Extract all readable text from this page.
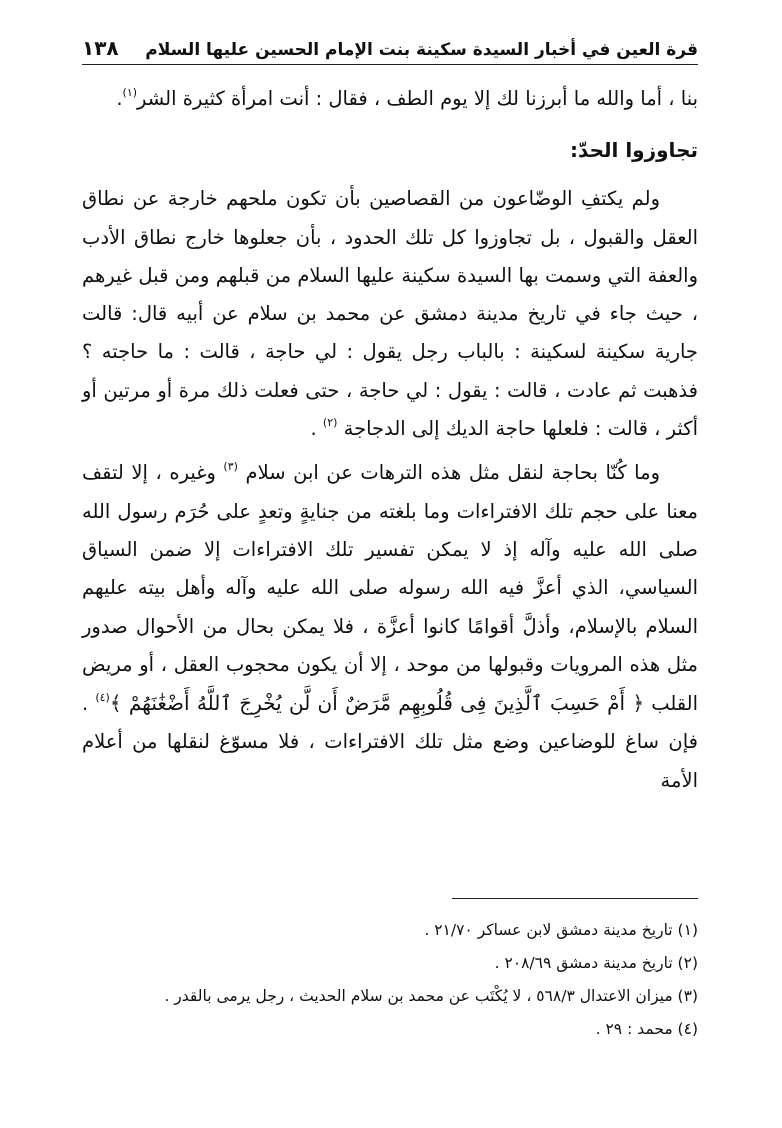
قرة العين في أخبار السيدة سكينة بنت الإمام الحسين عليها السلام
١٣٨

بنا ، أما والله ما أبرزنا لك إلا يوم الطف ، فقال : أنت امرأة كثيرة الشر$^{(١)}$.

تجاوزوا الحدّ:

ولم يكتفِ الوضّاعون من القصاصين بأن تكون ملحهم خارجة عن نطاق العقل والقبول ، بل تجاوزوا كل تلك الحدود ، بأن جعلوها خارج نطاق الأدب والعفة التي وسمت بها السيدة سكينة عليها السلام من قبلهم ومن قبل غيرهم ، حيث جاء في تاريخ مدينة دمشق عن محمد بن سلام عن أبيه قال: قالت جارية سكينة لسكينة : بالباب رجل يقول : لي حاجة ، قالت : ما حاجته ؟ فذهبت ثم عادت ، قالت : يقول : لي حاجة ، حتى فعلت ذلك مرة أو مرتين أو أكثر ، قالت : فلعلها حاجة الديك إلى الدجاجة $^{(٢)}$ .

وما كُنّا بحاجة لنقل مثل هذه الترهات عن ابن سلام $^{(٣)}$ وغيره ، إلا لتقف معنا على حجم تلك الافتراءات وما بلغته من جنايةٍ وتعدٍ على حُرَم رسول الله صلى الله عليه وآله إذ لا يمكن تفسير تلك الافتراءات إلا ضمن السياق السياسي، الذي أعزَّ فيه الله رسوله صلى الله عليه وآله وأهل بيته عليهم السلام بالإسلام، وأذلَّ أقوامًا كانوا أعزَّة ، فلا يمكن بحال من الأحوال صدور مثل هذه المرويات وقبولها من موحد ، إلا أن يكون محجوب العقل ، أو مريض القلب ﴿ أَمْ حَسِبَ ٱلَّذِينَ فِى قُلُوبِهِم مَّرَضٌ أَن لَّن يُخْرِجَ ٱللَّهُ أَضْغَٰنَهُمْ ﴾$^{(٤)}$ . فإن ساغ للوضاعين وضع مثل تلك الافتراءات ، فلا مسوّغ لنقلها من أعلام الأمة

(١) تاريخ مدينة دمشق لابن عساكر ٢١/٧٠ .
(٢) تاريخ مدينة دمشق ٢٠٨/٦٩ .
(٣) ميزان الاعتدال ٥٦٨/٣ ، لا يُكْتَب عن محمد بن سلام الحديث ، رجل يرمى بالقدر .
(٤) محمد : ٢٩ .
